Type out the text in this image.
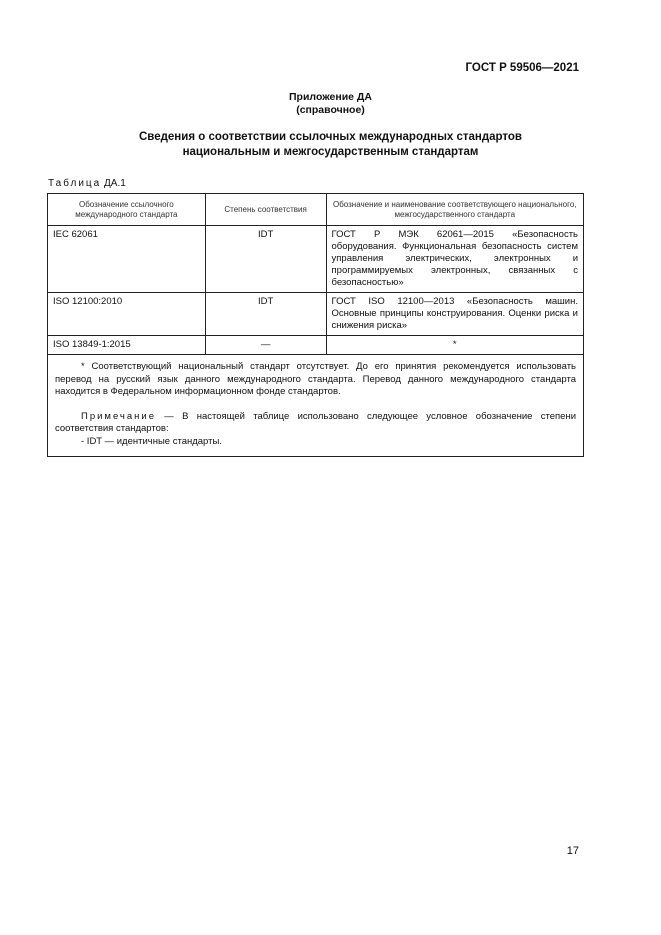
ГОСТ Р 59506—2021
Приложение ДА
(справочное)
Сведения о соответствии ссылочных международных стандартов
национальным и межгосударственным стандартам
Таблица ДА.1
Обозначение ссылочного международного стандарта	Степень соответствия	Обозначение и наименование соответствующего национального, межгосударственного стандарта
IEC 62061	IDT	ГОСТ Р МЭК 62061—2015 «Безопасность оборудования. Функциональная безопасность систем управления электрических, электронных и программируемых электронных, связанных с безопасностью»
ISO 12100:2010	IDT	ГОСТ ISO 12100—2013 «Безопасность машин. Основные принципы конструирования. Оценки риска и снижения риска»
ISO 13849-1:2015	—	*

* Соответствующий национальный стандарт отсутствует. До его принятия рекомендуется использовать перевод на русский язык данного международного стандарта. Перевод данного международного стандарта находится в Федеральном информационном фонде стандартов.

Примечание — В настоящей таблице использовано следующее условное обозначение степени соответствия стандартов:

- IDT — идентичные стандарты.		

17
